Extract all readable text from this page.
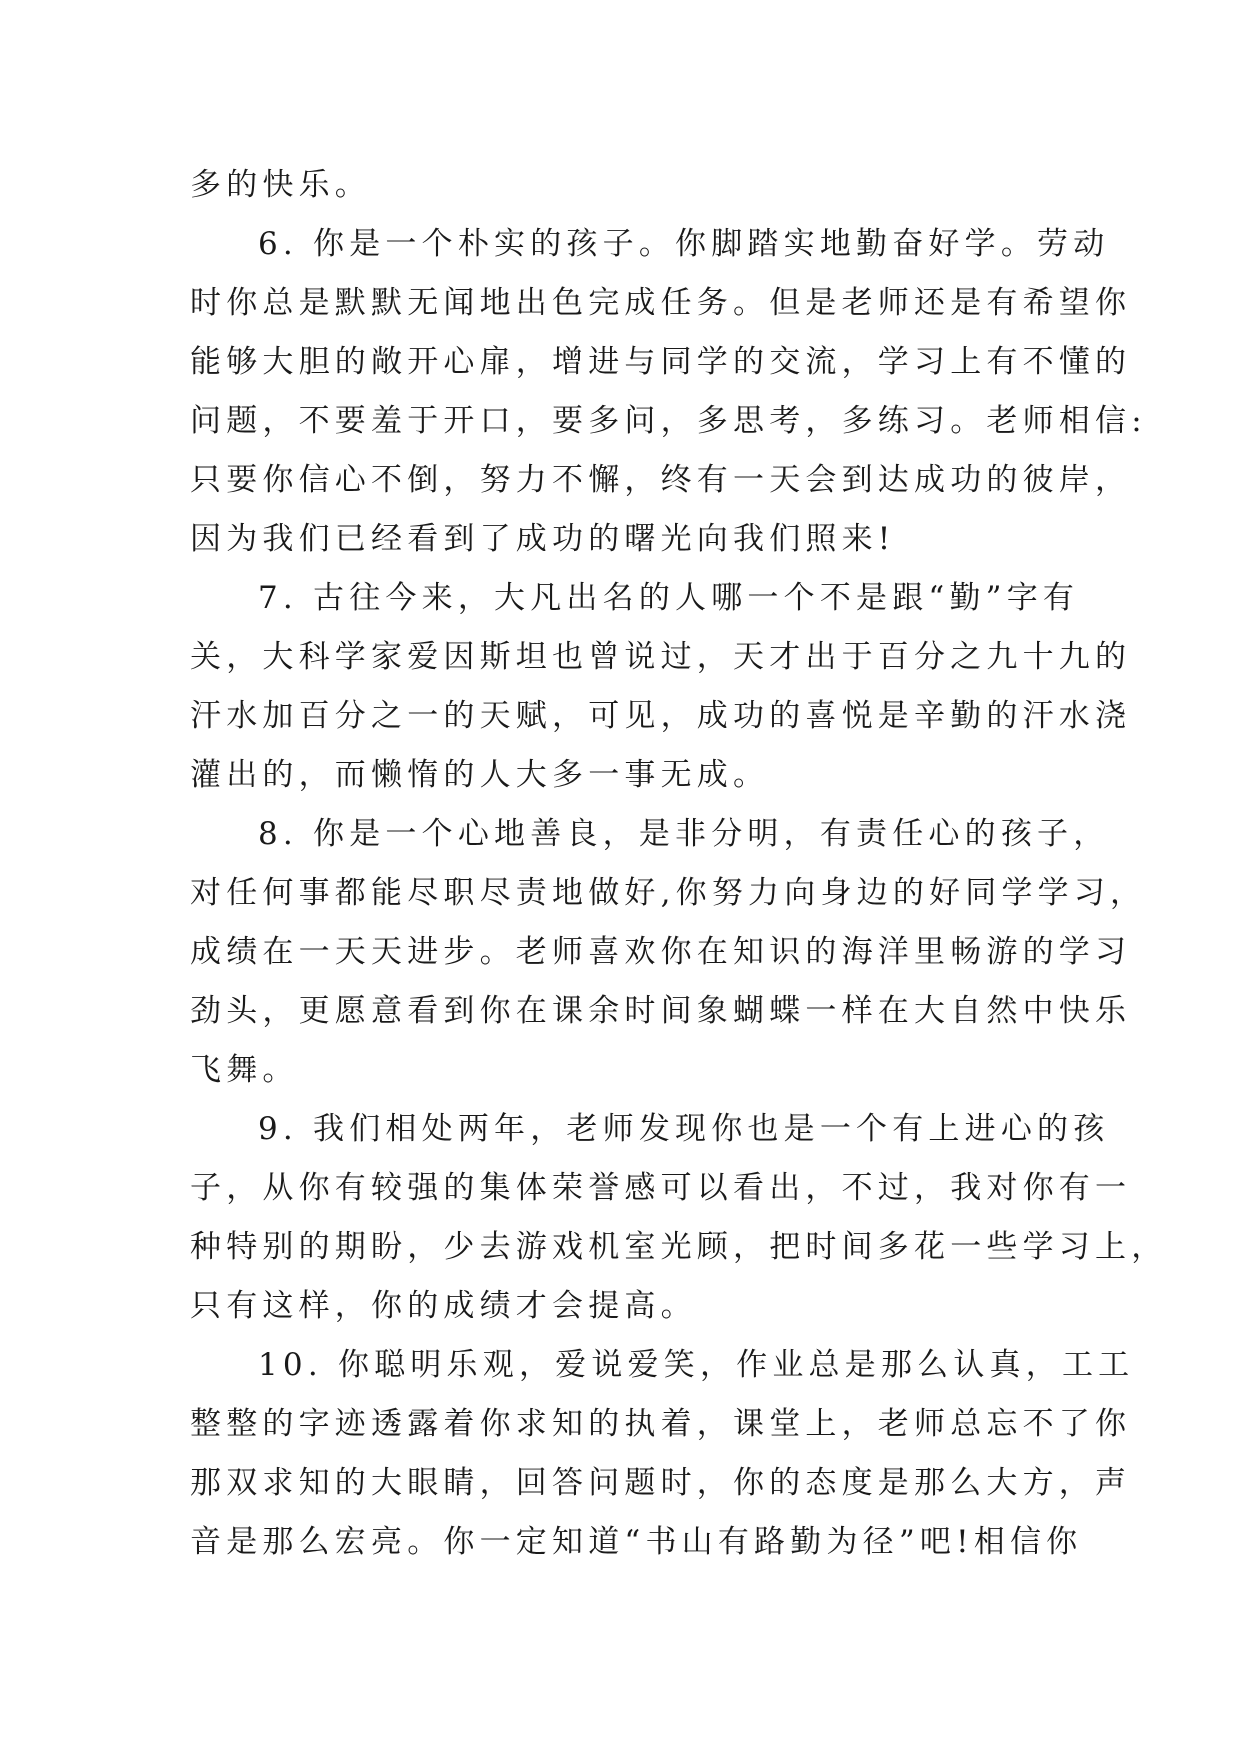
多的快乐。
6. 你是一个朴实的孩子。你脚踏实地勤奋好学。劳动
时你总是默默无闻地出色完成任务。但是老师还是有希望你
能够大胆的敞开心扉，增进与同学的交流，学习上有不懂的
问题，不要羞于开口，要多问，多思考，多练习。老师相信:
只要你信心不倒，努力不懈，终有一天会到达成功的彼岸，
因为我们已经看到了成功的曙光向我们照来!
7. 古往今来，大凡出名的人哪一个不是跟“勤”字有
关，大科学家爱因斯坦也曾说过，天才出于百分之九十九的
汗水加百分之一的天赋，可见，成功的喜悦是辛勤的汗水浇
灌出的，而懒惰的人大多一事无成。
8. 你是一个心地善良，是非分明，有责任心的孩子，
对任何事都能尽职尽责地做好,你努力向身边的好同学学习，
成绩在一天天进步。老师喜欢你在知识的海洋里畅游的学习
劲头，更愿意看到你在课余时间象蝴蝶一样在大自然中快乐
飞舞。
9. 我们相处两年，老师发现你也是一个有上进心的孩
子，从你有较强的集体荣誉感可以看出，不过，我对你有一
种特别的期盼，少去游戏机室光顾，把时间多花一些学习上，
只有这样，你的成绩才会提高。
10. 你聪明乐观，爱说爱笑，作业总是那么认真，工工
整整的字迹透露着你求知的执着，课堂上，老师总忘不了你
那双求知的大眼睛，回答问题时，你的态度是那么大方，声
音是那么宏亮。你一定知道“书山有路勤为径”吧!相信你
